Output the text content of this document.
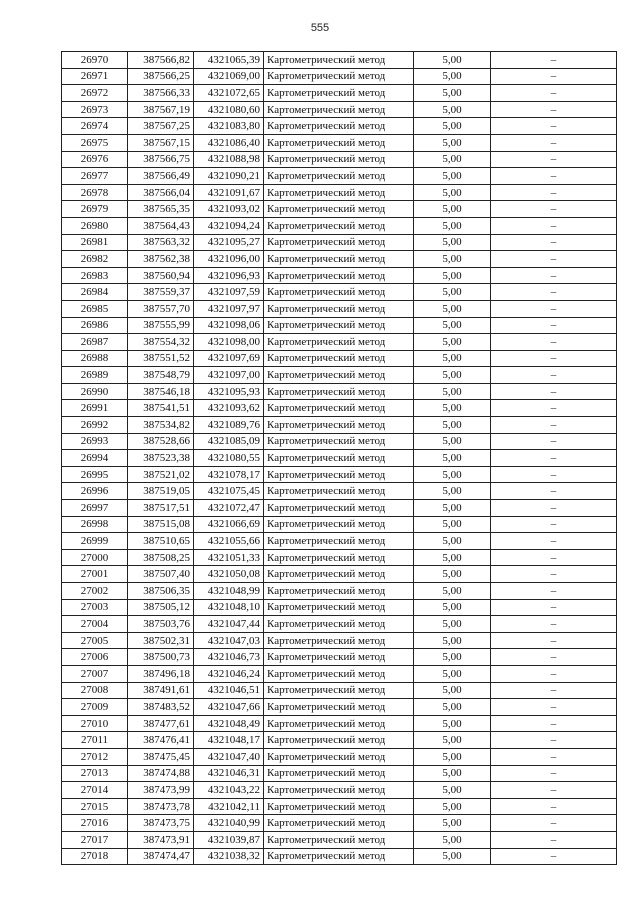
555
26970	387566,82	4321065,39	Картометрический метод	5,00	–
26971	387566,25	4321069,00	Картометрический метод	5,00	–
26972	387566,33	4321072,65	Картометрический метод	5,00	–
26973	387567,19	4321080,60	Картометрический метод	5,00	–
26974	387567,25	4321083,80	Картометрический метод	5,00	–
26975	387567,15	4321086,40	Картометрический метод	5,00	–
26976	387566,75	4321088,98	Картометрический метод	5,00	–
26977	387566,49	4321090,21	Картометрический метод	5,00	–
26978	387566,04	4321091,67	Картометрический метод	5,00	–
26979	387565,35	4321093,02	Картометрический метод	5,00	–
26980	387564,43	4321094,24	Картометрический метод	5,00	–
26981	387563,32	4321095,27	Картометрический метод	5,00	–
26982	387562,38	4321096,00	Картометрический метод	5,00	–
26983	387560,94	4321096,93	Картометрический метод	5,00	–
26984	387559,37	4321097,59	Картометрический метод	5,00	–
26985	387557,70	4321097,97	Картометрический метод	5,00	–
26986	387555,99	4321098,06	Картометрический метод	5,00	–
26987	387554,32	4321098,00	Картометрический метод	5,00	–
26988	387551,52	4321097,69	Картометрический метод	5,00	–
26989	387548,79	4321097,00	Картометрический метод	5,00	–
26990	387546,18	4321095,93	Картометрический метод	5,00	–
26991	387541,51	4321093,62	Картометрический метод	5,00	–
26992	387534,82	4321089,76	Картометрический метод	5,00	–
26993	387528,66	4321085,09	Картометрический метод	5,00	–
26994	387523,38	4321080,55	Картометрический метод	5,00	–
26995	387521,02	4321078,17	Картометрический метод	5,00	–
26996	387519,05	4321075,45	Картометрический метод	5,00	–
26997	387517,51	4321072,47	Картометрический метод	5,00	–
26998	387515,08	4321066,69	Картометрический метод	5,00	–
26999	387510,65	4321055,66	Картометрический метод	5,00	–
27000	387508,25	4321051,33	Картометрический метод	5,00	–
27001	387507,40	4321050,08	Картометрический метод	5,00	–
27002	387506,35	4321048,99	Картометрический метод	5,00	–
27003	387505,12	4321048,10	Картометрический метод	5,00	–
27004	387503,76	4321047,44	Картометрический метод	5,00	–
27005	387502,31	4321047,03	Картометрический метод	5,00	–
27006	387500,73	4321046,73	Картометрический метод	5,00	–
27007	387496,18	4321046,24	Картометрический метод	5,00	–
27008	387491,61	4321046,51	Картометрический метод	5,00	–
27009	387483,52	4321047,66	Картометрический метод	5,00	–
27010	387477,61	4321048,49	Картометрический метод	5,00	–
27011	387476,41	4321048,17	Картометрический метод	5,00	–
27012	387475,45	4321047,40	Картометрический метод	5,00	–
27013	387474,88	4321046,31	Картометрический метод	5,00	–
27014	387473,99	4321043,22	Картометрический метод	5,00	–
27015	387473,78	4321042,11	Картометрический метод	5,00	–
27016	387473,75	4321040,99	Картометрический метод	5,00	–
27017	387473,91	4321039,87	Картометрический метод	5,00	–
27018	387474,47	4321038,32	Картометрический метод	5,00	–
